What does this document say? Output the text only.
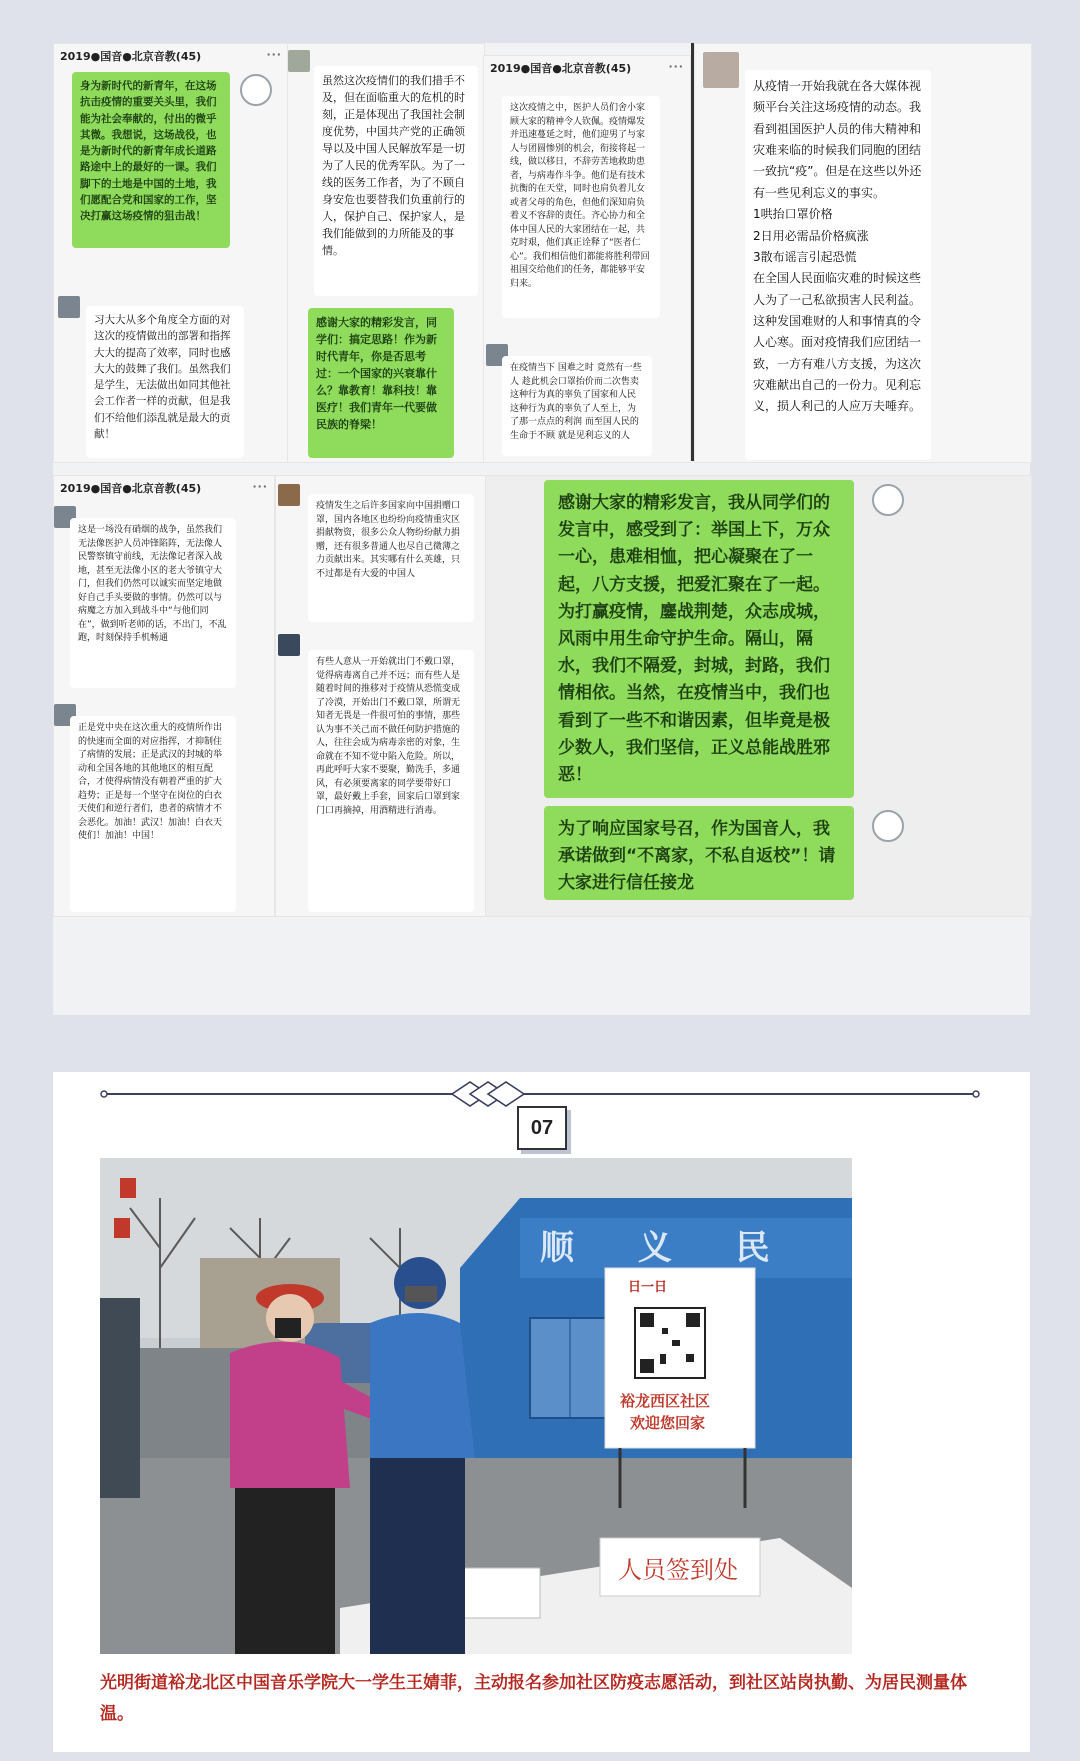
2019●国音●北京音教(45)	···
身为新时代的新青年，在这场抗击疫情的重要关头里，我们能为社会奉献的，付出的微乎其微。我想说，这场战役，也是为新时代的新青年成长道路路途中上的最好的一课。我们脚下的土地是中国的土地，我们愿配合党和国家的工作，坚决打赢这场疫情的狙击战！
习大大从多个角度全方面的对这次的疫情做出的部署和指挥大大的提高了效率，同时也感大大的鼓舞了我们。虽然我们是学生，无法做出如同其他社会工作者一样的贡献，但是我们不给他们添乱就是最大的贡献！
虽然这次疫情们的我们措手不及，但在面临重大的危机的时刻，正是体现出了我国社会制度优势，中国共产党的正确领导以及中国人民解放军是一切为了人民的优秀军队。为了一线的医务工作者，为了不顾自身安危也要替我们负重前行的人，保护自己、保护家人，是我们能做到的力所能及的事情。
感谢大家的精彩发言，同学们：搞定思路！作为新时代青年，你是否思考过：一个国家的兴衰靠什么？靠教育！靠科技！靠医疗！我们青年一代要做民族的脊梁！
2019●国音●北京音教(45)	···
这次疫情之中，医护人员们舍小家顾大家的精神令人钦佩。疫情爆发并迅速蔓延之时，他们迎男了与家人与团圆惨别的机会，衔接将起一线，做以移日，不辞劳苦地救助患者，与病毒作斗争。他们是有技术抗衡的在天堂，同时也肩负着儿女或者父母的角色，但他们深知肩负着义不容辞的责任。齐心协力和全体中国人民的大家团结在一起，共克时艰，他们真正诠释了“医者仁心”。我们相信他们都能将胜利带回祖国交给他们的任务，都能够平安归来。
在疫情当下 国难之时 竟然有一些人 趁此机会口罩抬价而二次售卖 这种行为真的辜负了国家和人民 这种行为真的辜负了人至上，为了那一点点的利润 而至国人民的生命于不顾 就是见利忘义的人
从疫情一开始我就在各大媒体视频平台关注这场疫情的动态。我看到祖国医护人员的伟大精神和灾难来临的时候我们同胞的团结一致抗“疫”。但是在这些以外还有一些见利忘义的事实。
1哄抬口罩价格
2日用必需品价格疯涨
3散布谣言引起恐慌
在全国人民面临灾难的时候这些人为了一己私欲损害人民利益。这种发国难财的人和事情真的令人心寒。面对疫情我们应团结一致，一方有难八方支援，为这次灾难献出自己的一份力。见利忘义，损人利己的人应万夫唾弃。
2019●国音●北京音教(45)	···
这是一场没有硝烟的战争，虽然我们无法像医护人员冲锋陷阵，无法像人民警察镇守前线，无法像记者深入战地，甚至无法像小区的老大爷镇守大门，但我们仍然可以诚实而坚定地做好自己手头要做的事情。仍然可以与病魔之方加入到战斗中“与他们同在”，做到听老师的话，不出门，不乱跑，时刻保持手机畅通
正是党中央在这次重大的疫情所作出的快速而全面的对应指挥，才抑制住了病情的发展；正是武汉的封城的举动和全国各地的其他地区的相互配合，才使得病情没有朝着严重的扩大趋势；正是每一个坚守在岗位的白衣天使们和逆行者们，患者的病情才不会恶化。加油！武汉！加油！白衣天使们！加油！中国！
疫情发生之后许多国家向中国捐赠口罩，国内各地区也纷纷向疫情重灾区捐献物资，很多公众人物纷纷献力捐赠，还有很多普通人也尽自己微薄之力贡献出来。其实哪有什么英雄，只不过都是有大爱的中国人
有些人意从一开始就出门不戴口罩，觉得病毒离自己并不远；而有些人是随着时间的推移对于疫情从恐慌变成了冷漠，开始出门不戴口罩，所谓无知者无畏是一件很可怕的事情，那些认为事不关己而不做任何防护措施的人，往往会成为病毒亲密的对象，生命就在不知不觉中陷入危险。所以，再此呼吁大家不要聚，勤洗手，多通风，有必须要离家的同学要带好口罩，最好戴上手套，回家后口罩到家门口再摘掉，用酒精进行消毒。
感谢大家的精彩发言，我从同学们的发言中，感受到了：举国上下，万众一心，患难相恤，把心凝聚在了一起，八方支援，把爱汇聚在了一起。为打赢疫情，鏖战荆楚，众志成城，风雨中用生命守护生命。隔山，隔水，我们不隔爱，封城，封路，我们情相依。当然，在疫情当中，我们也看到了一些不和谐因素，但毕竟是极少数人，我们坚信，正义总能战胜邪恶！
为了响应国家号召，作为国音人，我承诺做到“不离家，不私自返校”！请大家进行信任接龙
07
顺 义 民
日一日
裕龙西区社区
欢迎您回家
人员签到处
光明街道裕龙北区中国音乐学院大一学生王婧菲，主动报名参加社区防疫志愿活动，到社区站岗执勤、为居民测量体温。
